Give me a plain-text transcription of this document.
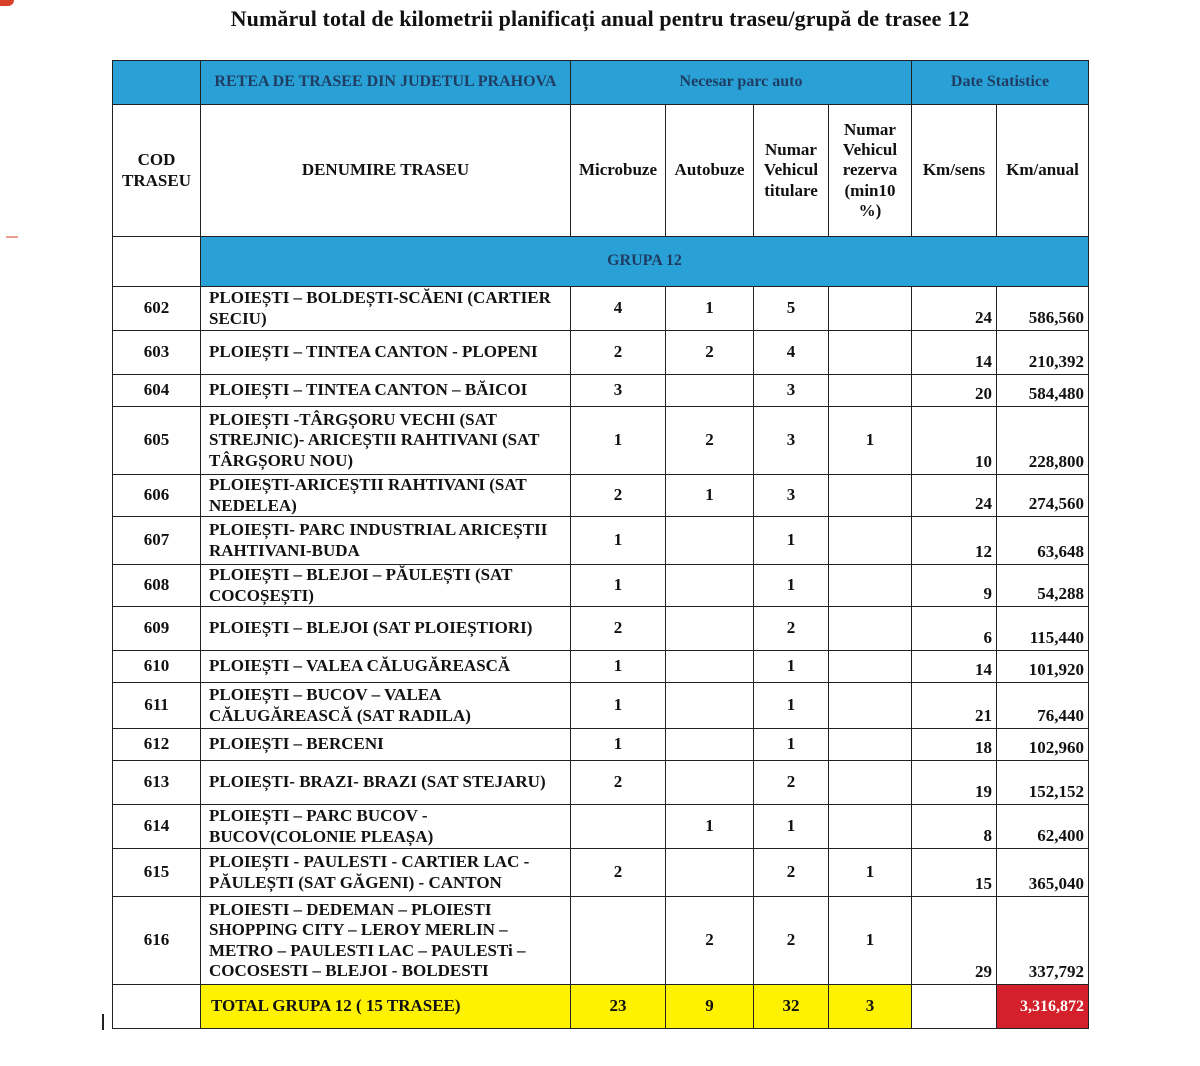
Numărul total de kilometrii planificați anual pentru traseu/grupă de trasee 12
	RETEA DE TRASEE DIN JUDETUL PRAHOVA	Necesar parc auto				Date Statistice	
COD TRASEU	DENUMIRE TRASEU	Microbuze	Autobuze	Numar Vehicul titulare	Numar Vehicul rezerva (min10 %)	Km/sens	Km/anual
	GRUPA 12						
602	PLOIEȘTI – BOLDEȘTI-SCĂENI (CARTIER SECIU)	4	1	5		24	586,560
603	PLOIEȘTI – TINTEA CANTON - PLOPENI	2	2	4		14	210,392
604	PLOIEȘTI – TINTEA CANTON – BĂICOI	3		3		20	584,480
605	PLOIEȘTI -TÂRGȘORU VECHI (SAT STREJNIC)- ARICEȘTII RAHTIVANI (SAT TÂRGȘORU NOU)	1	2	3	1	10	228,800
606	PLOIEȘTI-ARICEȘTII RAHTIVANI (SAT NEDELEA)	2	1	3		24	274,560
607	PLOIEȘTI- PARC INDUSTRIAL ARICEȘTII RAHTIVANI-BUDA	1		1		12	63,648
608	PLOIEȘTI – BLEJOI – PĂULEȘTI (SAT COCOȘEȘTI)	1		1		9	54,288
609	PLOIEȘTI – BLEJOI (SAT PLOIEȘTIORI)	2		2		6	115,440
610	PLOIEȘTI – VALEA CĂLUGĂREASCĂ	1		1		14	101,920
611	PLOIEȘTI – BUCOV – VALEA CĂLUGĂREASCĂ (SAT RADILA)	1		1		21	76,440
612	PLOIEȘTI – BERCENI	1		1		18	102,960
613	PLOIEȘTI- BRAZI- BRAZI (SAT STEJARU)	2		2		19	152,152
614	PLOIEȘTI – PARC BUCOV - BUCOV(COLONIE PLEAȘA)		1	1		8	62,400
615	PLOIEȘTI - PAULESTI - CARTIER LAC - PĂULEȘTI (SAT GĂGENI) - CANTON	2		2	1	15	365,040
616	PLOIESTI – DEDEMAN – PLOIESTI SHOPPING CITY – LEROY MERLIN – METRO – PAULESTI LAC – PAULESTi – COCOSESTI – BLEJOI - BOLDESTI		2	2	1	29	337,792
	TOTAL GRUPA 12 ( 15 TRASEE)	23	9	32	3		3,316,872
